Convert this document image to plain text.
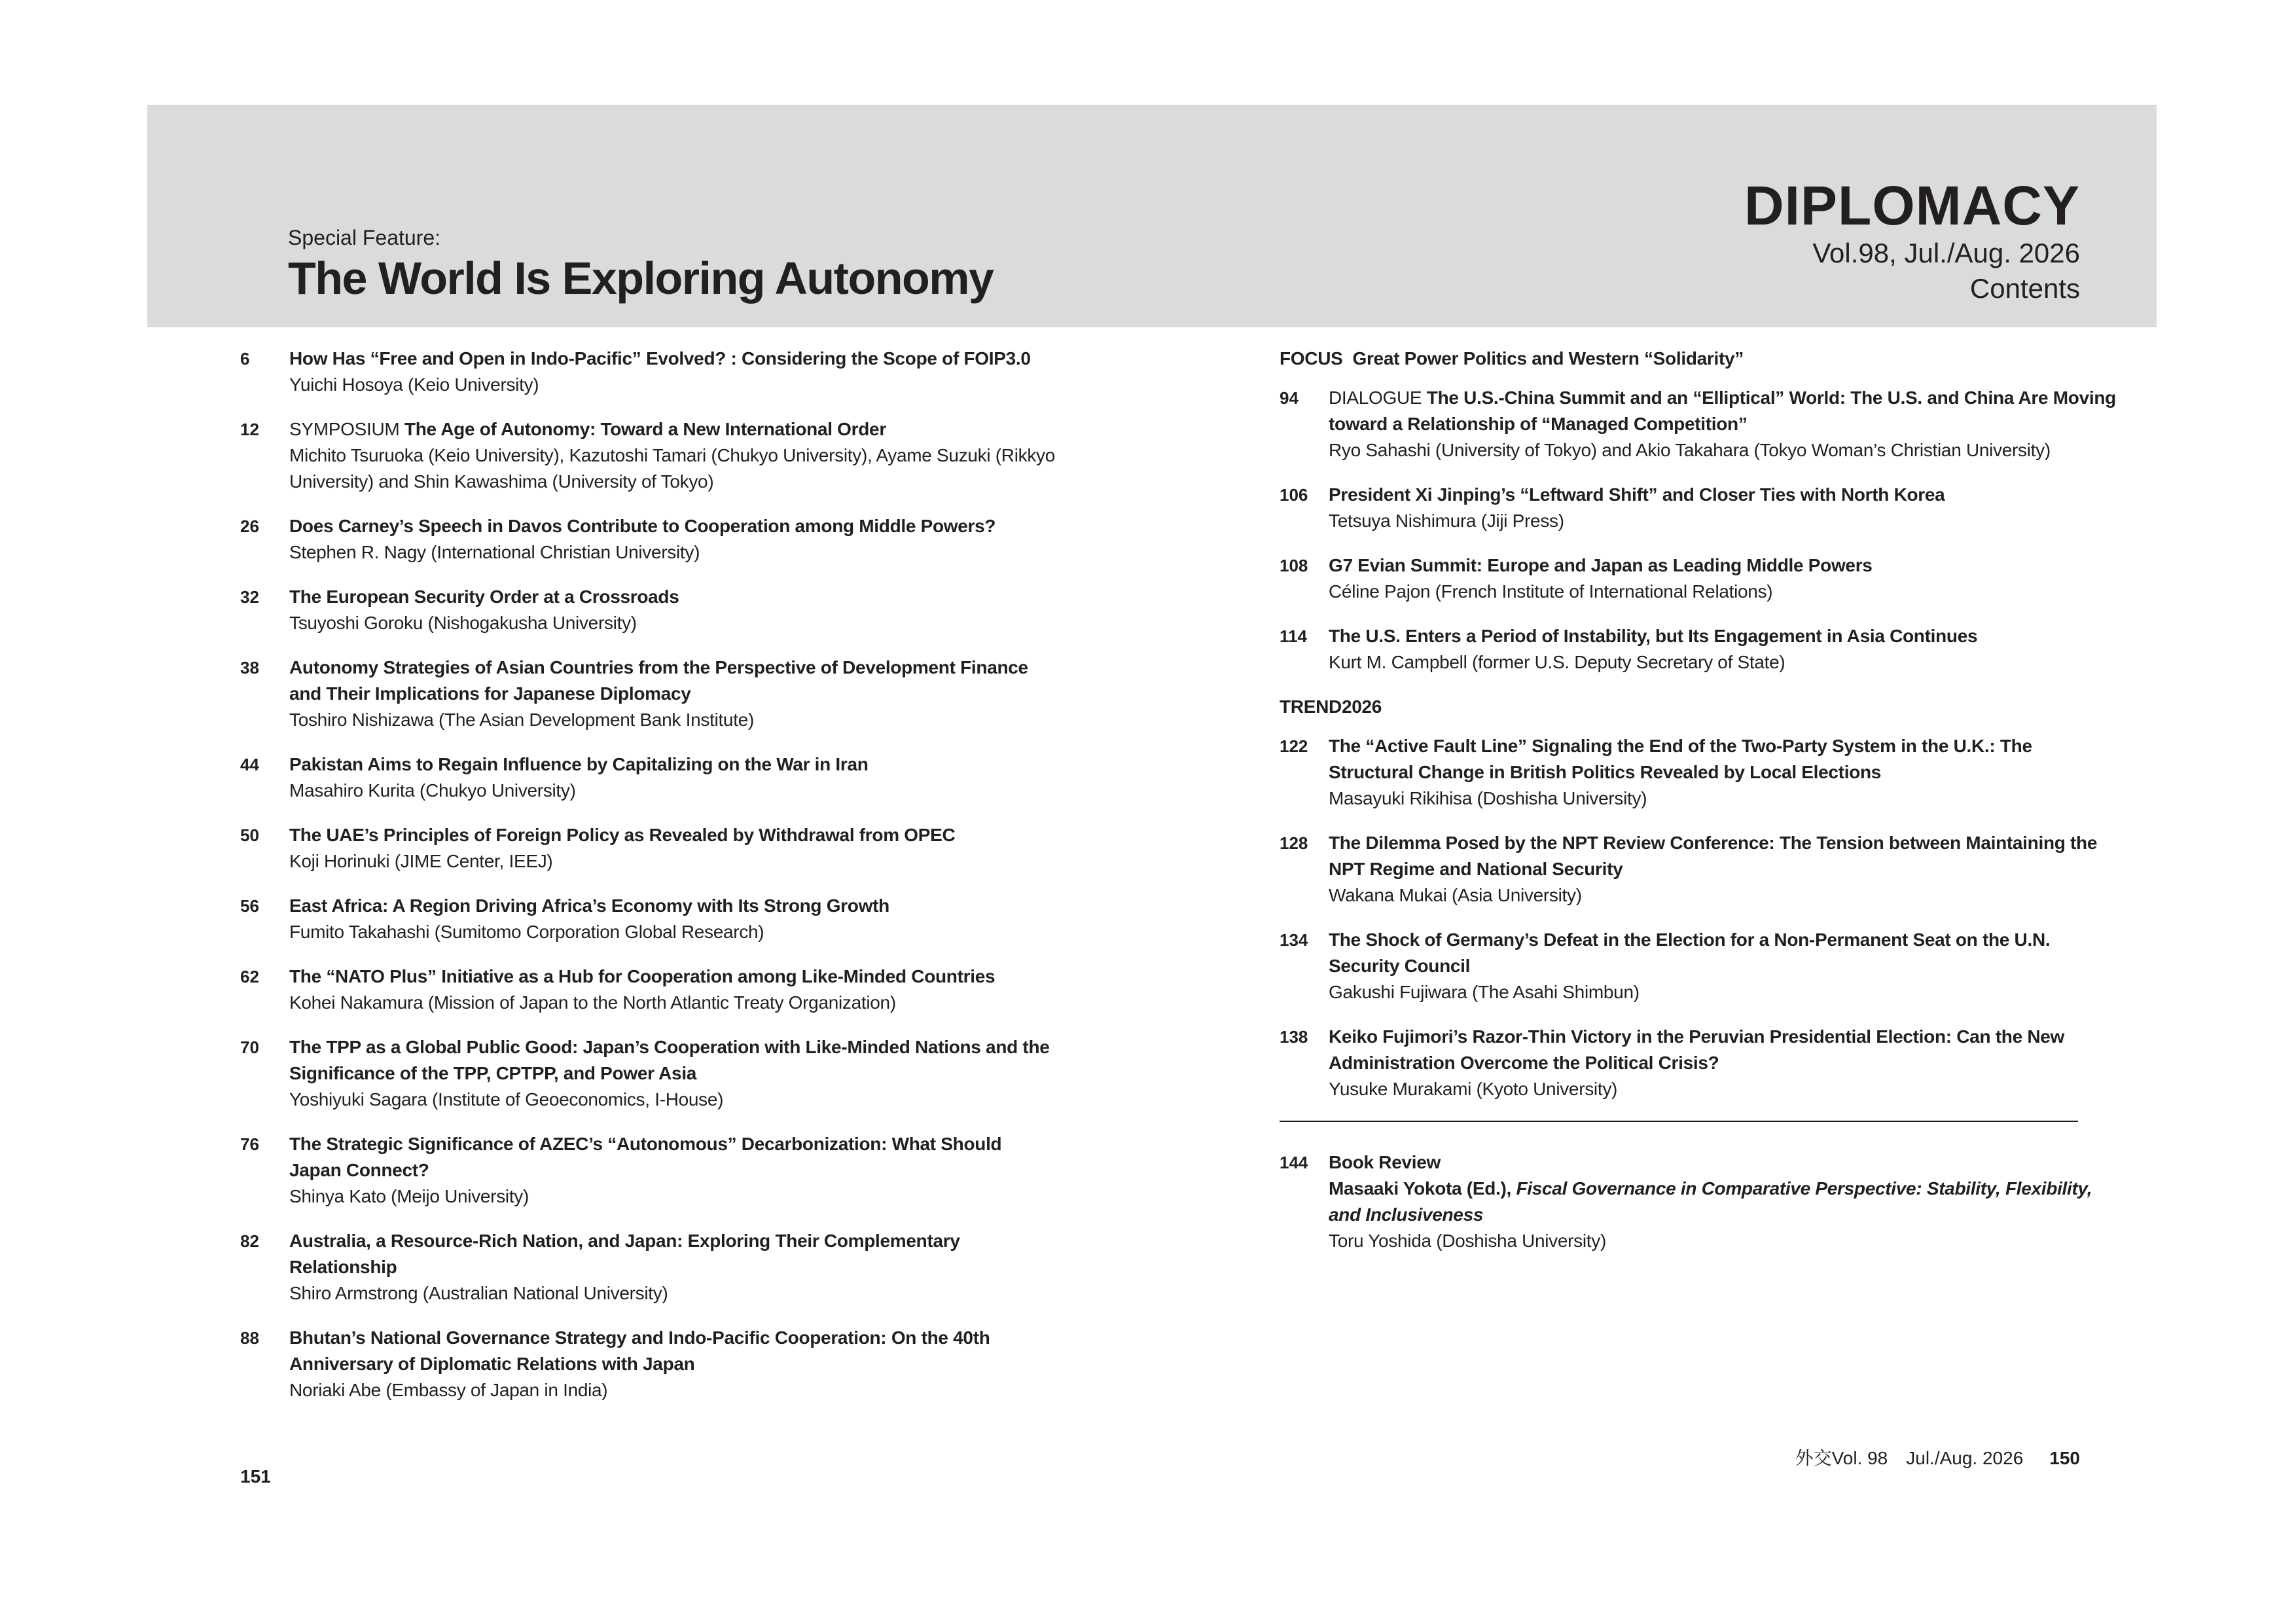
Special Feature:
The World Is Exploring Autonomy
DIPLOMACY
Vol.98, Jul./Aug. 2026
Contents
6 How Has “Free and Open in Indo-Pacific” Evolved? : Considering the Scope of FOIP3.0
Yuichi Hosoya (Keio University)
12 SYMPOSIUM The Age of Autonomy: Toward a New International Order
Michito Tsuruoka (Keio University), Kazutoshi Tamari (Chukyo University), Ayame Suzuki (Rikkyo University) and Shin Kawashima (University of Tokyo)
26 Does Carney’s Speech in Davos Contribute to Cooperation among Middle Powers?
Stephen R. Nagy (International Christian University)
32 The European Security Order at a Crossroads
Tsuyoshi Goroku (Nishogakusha University)
38 Autonomy Strategies of Asian Countries from the Perspective of Development Finance and Their Implications for Japanese Diplomacy
Toshiro Nishizawa (The Asian Development Bank Institute)
44 Pakistan Aims to Regain Influence by Capitalizing on the War in Iran
Masahiro Kurita (Chukyo University)
50 The UAE’s Principles of Foreign Policy as Revealed by Withdrawal from OPEC
Koji Horinuki (JIME Center, IEEJ)
56 East Africa: A Region Driving Africa’s Economy with Its Strong Growth
Fumito Takahashi (Sumitomo Corporation Global Research)
62 The “NATO Plus” Initiative as a Hub for Cooperation among Like-Minded Countries
Kohei Nakamura (Mission of Japan to the North Atlantic Treaty Organization)
70 The TPP as a Global Public Good: Japan’s Cooperation with Like-Minded Nations and the Significance of the TPP, CPTPP, and Power Asia
Yoshiyuki Sagara (Institute of Geoeconomics, I-House)
76 The Strategic Significance of AZEC’s “Autonomous” Decarbonization: What Should Japan Connect?
Shinya Kato (Meijo University)
82 Australia, a Resource-Rich Nation, and Japan: Exploring Their Complementary Relationship
Shiro Armstrong (Australian National University)
88 Bhutan’s National Governance Strategy and Indo-Pacific Cooperation: On the 40th Anniversary of Diplomatic Relations with Japan
Noriaki Abe (Embassy of Japan in India)
FOCUS Great Power Politics and Western “Solidarity”
94 DIALOGUE The U.S.-China Summit and an “Elliptical” World: The U.S. and China Are Moving toward a Relationship of “Managed Competition”
Ryo Sahashi (University of Tokyo) and Akio Takahara (Tokyo Woman’s Christian University)
106 President Xi Jinping’s “Leftward Shift” and Closer Ties with North Korea
Tetsuya Nishimura (Jiji Press)
108 G7 Evian Summit: Europe and Japan as Leading Middle Powers
Céline Pajon (French Institute of International Relations)
114 The U.S. Enters a Period of Instability, but Its Engagement in Asia Continues
Kurt M. Campbell (former U.S. Deputy Secretary of State)
TREND2026
122 The “Active Fault Line” Signaling the End of the Two-Party System in the U.K.: The Structural Change in British Politics Revealed by Local Elections
Masayuki Rikihisa (Doshisha University)
128 The Dilemma Posed by the NPT Review Conference: The Tension between Maintaining the NPT Regime and National Security
Wakana Mukai (Asia University)
134 The Shock of Germany’s Defeat in the Election for a Non-Permanent Seat on the U.N. Security Council
Gakushi Fujiwara (The Asahi Shimbun)
138 Keiko Fujimori’s Razor-Thin Victory in the Peruvian Presidential Election: Can the New Administration Overcome the Political Crisis?
Yusuke Murakami (Kyoto University)
144 Book Review
Masaaki Yokota (Ed.), Fiscal Governance in Comparative Perspective: Stability, Flexibility, and Inclusiveness
Toru Yoshida (Doshisha University)
151
外交Vol. 98　Jul./Aug. 2026 150
